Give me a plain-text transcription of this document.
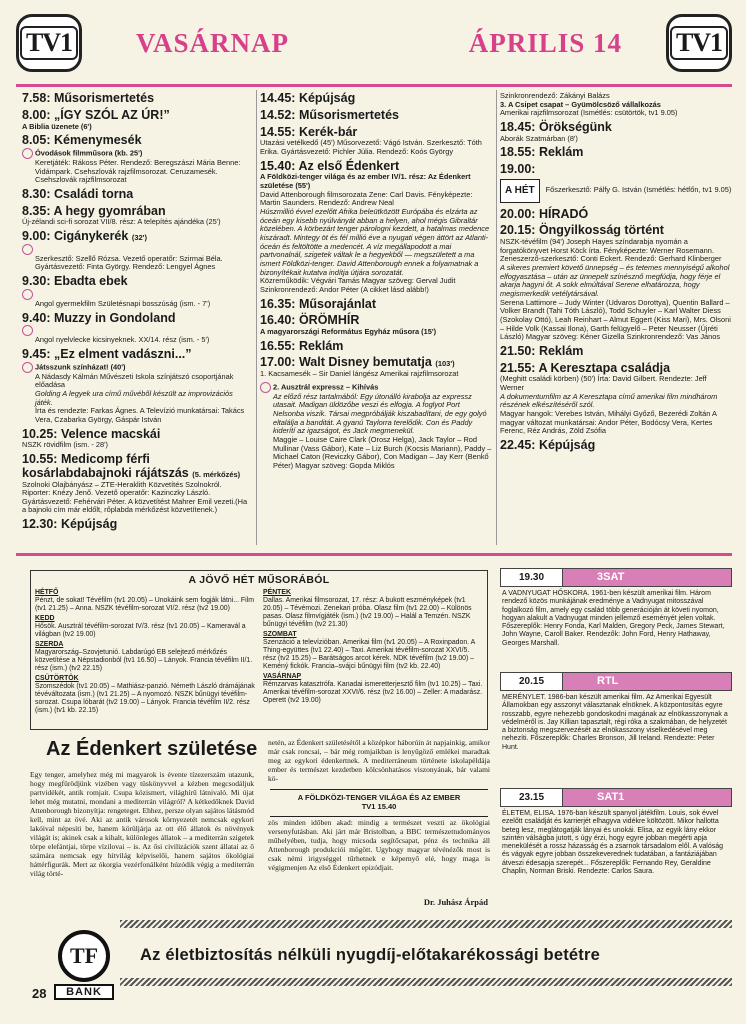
TV1 VASÁRNAP	ÁPRILIS 14 TV1
7.58: Műsorismertetés
8.00: „ÍGY SZÓL AZ ÚR!”
A Biblia üzenete (6')

8.05: Kémenymesék
Óvodások filmműsora (kb. 25')

Keretjáték: Rákoss Péter. Rendező: Beregszászi Mária Benne: Vidámpark. Csehszlovák rajzfilmsorozat. Ceruzamesék. Csehszlovák rajzfilmsorozat
8.30: Családi torna
8.35: A hegy gyomrában
Új-zélandi sci-fi sorozat VII/8. rész: A telepítés ajándéka (25')
9.00: Cigánykerék (32')
Szerkesztő: Szellő Rózsa. Vezető operatőr: Szirmai Béla. Gyártásvezető: Finta György. Rendező: Lengyel Ágnes
9.30: Ebadta ebek
Angol gyermekfilm Születésnapi bosszúság (ism. - 7')
9.40: Muzzy in Gondoland
Angol nyelvlecke kicsinyeknek. XX/14. rész (ism. - 5')
9.45: „Ez elment vadászni...”
Játsszunk színházat! (40')

A Nádasdy Kálmán Művészeti Iskola színjátszó csoportjának előadása
Golding A legyek ura című művéből készült az improvizációs játék.
Írta és rendezte: Farkas Ágnes. A Televízió munkatársai: Takács Vera, Czabarka György, Gáspár István
10.25: Velence macskái
NSZK rövidfilm (ism. - 28')
10.55: Medicomp férfi kosárlabdabajnoki rájátszás (5. mérkőzés)
Szolnoki Olajbányász – ZTE-Heraklith Közvetítés Szolnokról. Riporter: Knézy Jenő. Vezető operatőr: Kazinczky László. Gyártásvezető: Fehérvári Péter. A közvetítést Mahrer Emil vezeti.(Ha a bajnoki cím már eldőlt, rőplabda mérkőzést közvetítenek.)
12.30: Képújság
14.45: Képújság
14.52: Műsorismertetés
14.55: Kerék-bár
Utazási vetélkedő (45') Műsorvezető: Vágó István. Szerkesztő: Tóth Erika. Gyártásvezető: Pichler Júlia. Rendező: Koós György
15.40: Az első Édenkert
A Földközi-tenger világa és az ember IV/1. rész: Az Édenkert születése (55')

David Attenborough filmsorozata Zene: Carl Davis. Fényképezte: Martin Saunders. Rendező: Andrew Neal
Húszmillió évvel ezelőtt Afrika beleütközött Európába és elzárta az óceán egy kisebb nyúlványát abban a helyen, ahol mégis Gibraltár közelében. A körbezárt tenger párologni kezdett, a hatalmas medence kiszáradt. Mintegy öt és fél millió éve a nyugati végen áttört az Atlanti-óceán és feltöltötte a medencét. A víz megállapodott a mai partvonalnál, szigetek váltak le a hegyekből — megszületett a ma ismert Földközi-tenger. David Attenborough ennek a folyamatnak a bizonyítékait kutatva indítja útjára sorozatát.
Közreműködik: Végvári Tamás Magyar szöveg: Gerval Judit Szinkronrendező: Andor Péter (A cikket lásd alább!)
16.35: Műsorajánlat
16.40: ÖRÖMHÍR
A magyarországi Református Egyház műsora (15')

16.55: Reklám
17.00: Walt Disney bemutatja (103')
1. Kacsamesék – Sir Daniel lángész Amerikai rajzfilmsorozat
2. Ausztrál expressz – Kihívás

Az előző rész tartalmából: Egy útonálló kirabolja az expressz utasait. Madigan üldözőbe veszi és elfogja. A foglyot Port Nelsonba viszik. Társai megpróbálják kiszabadítani, de egy golyó eltalálja a banditát. A gyanú Taylorra terelődik. Con és Paddy kiderítí az igazságot, és Jack megmenekül.
Maggie – Louise Caire Clark (Orosz Helga), Jack Taylor – Rod Mullinar (Vass Gábor), Kate – Liz Burch (Kocsis Mariann), Paddy – Michael Caton (Reviczky Gábor), Con Madigan – Jay Kerr (Benkő Péter) Magyar szöveg: Gopda Miklós
Szinkronrendező: Zákányi Balázs
3. A Csipet csapat – Gyümölcsöző vállalkozás
Amerikai rajzfilmsorozat (Ismétlés: csütörtök, tv1 9.05)
18.45: Örökségünk
Aborák Szatmárban (8')
18.55: Reklám
19.00:
A HÉT	Főszerkesztő: Pálfy G. István (Ismétlés: hétfőn, tv1 9.05)
20.00: HÍRADÓ
20.15: Öngyilkosság történt
NSZK-tévéfilm (94') Joseph Hayes színdarabja nyomán a forgatókönyvet Horst Köck írta. Fényképezte: Werner Rosemann. Zeneszerző-szerkesztő: Conti Eckert. Rendező: Gerhard Klinberger
A sikeres premiert követő ünnepség – és tetemes mennyiségű alkohol elfogyasztása – után az ünnepelt színésznő megfúdja, hogy férje el akarja hagyni őt. A sokk elmúltával Serene elhatározza, hogy megismerkedik vetélytársával.
Serena Lattimore – Judy Winter (Udvaros Dorottya), Quentin Ballard – Volker Brandt (Tahi Tóth László), Todd Schuyler – Karl Walter Diess (Szokolay Ottó), Leah Reinhart – Almut Eggert (Kiss Mari), Mrs. Olsoni – Hilde Volk (Kassai Ilona), Garth felügyelő – Peter Neusser (Újréti László) Magyar szöveg: Kéner Gizella Szinkronrendező: Vas János
21.50: Reklám
21.55: A Keresztapa családja
(Meghitt családi körben) (50') Írta: David Gilbert. Rendezte: Jeff Werner
A dokumentumfilm az A Keresztapa című amerikai film mindhárom részének elkészítéséről szól.
Magyar hangok: Verebes István, Mihályi Győző, Bezerédi Zoltán A magyar változat munkatársai: Andor Péter, Bodócsy Vera, Kertes Ferenc, Réz András, Zöld Zsófia
22.45: Képújság
A JÖVŐ HÉT MŰSORÁBÓL
HÉTFŐ
Pénzt, de sokat! Tévéfilm (tv1 20.05) – Unokáink sem fogják látni... Film (tv1 21.25) – Anna. NSZK tévéfilm-sorozat VI/2. rész (tv2 19.00)
KEDD
Hősök. Ausztrál tévéfilm-sorozat IV/3. rész (tv1 20.05) – Kameravál a világban (tv2 19.00)
SZERDA
Magyarország–Szovjetunió. Labdarúgó EB selejtező mérkőzés közvetítése a Népstadionból (tv1 16.50) – Lányok. Francia tévéfilm II/1. rész (ism.) (tv2 22.15)
CSÜTÖRTÖK
Szomszédok (tv1 20.05) – Mathiász-panzió. Németh László drámájának tévéváltozata (ism.) (tv1 21.25) – A nyomozó. NSZK bűnügyi tévéfilm-sorozat. Csupa lóbarát (tv2 19.00) – Lányok. Francia tévéfilm II/2. rész (ism.) (tv1 kb. 22.15)
PÉNTEK
Dallas. Amerikai filmsorozat, 17. rész: A bukott eszményképek (tv1 20.05) – Tévémozi. Zenekari próba. Olasz film (tv1 22.00) – Különös pasas. Olasz filmvígjáték (ism.) (tv2 19.00) – Halál a Temzén. NSZK bűnügyi tévéfilm (tv2 21.30)
SZOMBAT
Szenzáció a televízióban. Amerikai film (tv1 20.05) – A Roxinpadon. A Thing-együttes (tv1 22.40) – Taxi. Amerikai tévéfilm-sorozat XXVI/5. rész (tv2 15.25) – Barátságos arcot kérek. NDK tévéfilm (tv2 19.00) – Keméný fickók. Francia–svájci bűnügyi film (tv2 kb. 22.40)
VASÁRNAP
Rémzarvas katasztrófa. Kanadai ismeretterjesztő film (tv1 10.25) – Taxi. Amerikai tévéfilm-sorozat XXVI/6. rész (tv2 16.00) – Zeller: A madarász. Operett (tv2 19.00)
Az Édenkert születése
Egy tenger, amelyhez még mi magyarok is évente tízezerszám utazunk, hogy megfürödjünk vizében vagy tüskönyvvel a kézben megcsodáljuk partvidékét, antik romjait. Csupa közismert, világhírű látnivaló. Mi újat lehet még mutatni, mondani a mediterrán világról? A kétkedőknek David Attenborough bizonyítja: rengeteget. Ehhez, persze olyan sajátos látásmód kell, mint az övé. Aki az antik városok környezetét nemcsak egykori lakóival népesíti be, hanem körüljárja az ott élő állatok és növények világát is; akinek csak a kihalt, különleges állatok – a mediterrán szigetek törpe elefántjai, törpe vízilovai – is. Az ősi civilizációk szent állatai az ő számára nemcsak egy hitvilág képviselői, hanem sajátos ökológiai háttérfigurák. Mert az ókorgia vezérfonálként húzódik végig a mediterrán világ törté-
netén, az Édenkert születésétől a középkor háborúin át napjainkig, amikor már csak roncsai, – bár még romjaikban is lenyűgöző emlékei maradtak meg az egykori édenkertnek. A mediterráneum története iskolapéldája ember és természet kezdetben kölcsönhatásos viszonyának, bár valami kö-
A FÖLDKÖZI-TENGER VILÁGA ÉS AZ EMBER
TV1 15.40
zös minden időben akad: mindig a természet veszti az ökológiai versenyfutásban. Aki járt már Bristolban, a BBC természettudományos műhelyében, tudja, hogy micsoda segítőcsapat, pénz és technika áll Attenborough produkciói mögött. Ugyhogy magyar tévénézők most is csak némi irigységgel tűrhetnek e képernyő elé, hogy maga is végigmenjen Az első Édenkert epizódjait.
Dr. Juhász Árpád
19.30	3SAT
A VADNYUGAT HŐSKORA. 1961-ben készült amerikai film. Három rendező közös munkájának eredménye a Vadnyugat mitosszával foglalkozó film, amely egy család több generációján át követi nyomon, hogyan alakult a Vadnyugat minden jellemző eseményét jelen voltak. Főszereplők: Henry Fonda, Karl Malden, Gregory Peck, James Stewart, John Wayne, Caroll Baker. Rendezők: John Ford, Henry Hathaway, Georges Marshall.
20.15	RTL
MERÉNYLET. 1986-ban készült amerikai film. Az Amerikai Egyesült Államokban egy asszonyt választanak elnöknek. A központosítás egyre rosszabb, egyre nehezebb gondoskodni magának az elnökasszonynak a védelméről is. Jay Killian tapasztalt, régi róka a szakmában, de helyzetét a biztonság megszervezését az elnökasszony viselkedésével meg nehezíti. Főszereplők: Charles Bronson, Jill Ireland. Rendezte: Peter Hunt.
23.15	SAT1
ÉLETEM, ELISA. 1976-ban készült spanyol játékfilm. Louis, sok évvel ezelőtt családját és karrierjét elhagyva vidékre költözött. Mikor hallotta beteg lesz, meglátogatják lányai és unokái. Elisa, az egyik lány ekkor szintén válságba jutott, s úgy érzi, hogy egyre jobban megérti apja menekülését a rossz házasság és a zsarnok társadalom elől. A valóság és vágyak egyre jobban összekeverednek tudatában, a fantáziájában átveszi édesapja szerepét... Főszereplők: Fernando Rey, Geraldine Chaplin, Norman Briski. Rendezte: Carlos Saura.
TF
BANK
Az életbiztosítás nélküli nyugdíj-előtakarékossági betétre
28
